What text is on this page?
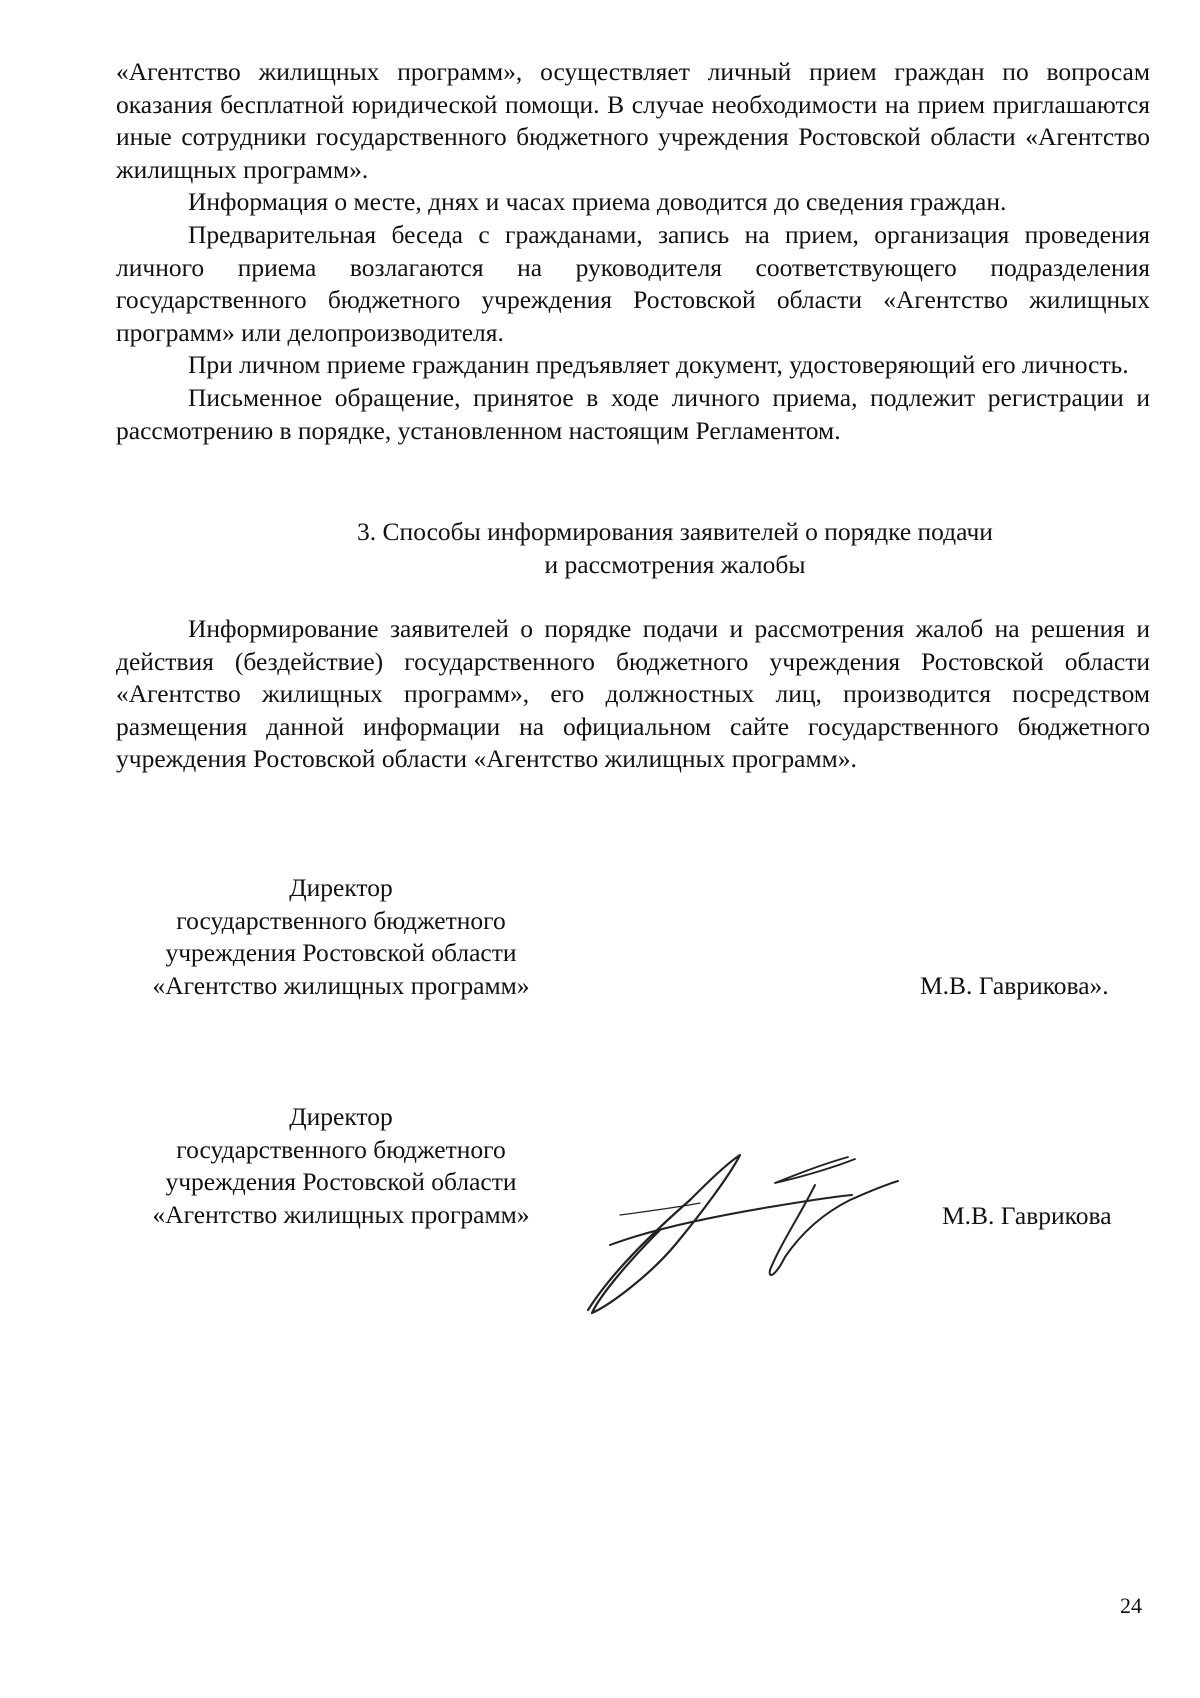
«Агентство жилищных программ», осуществляет личный прием граждан по вопросам оказания бесплатной юридической помощи. В случае необходимости на прием приглашаются иные сотрудники государственного бюджетного учреждения Ростовской области «Агентство жилищных программ».

Информация о месте, днях и часах приема доводится до сведения граждан.

Предварительная беседа с гражданами, запись на прием, организация проведения личного приема возлагаются на руководителя соответствующего подразделения государственного бюджетного учреждения Ростовской области «Агентство жилищных программ» или делопроизводителя.

При личном приеме гражданин предъявляет документ, удостоверяющий его личность.

Письменное обращение, принятое в ходе личного приема, подлежит регистрации и рассмотрению в порядке, установленном настоящим Регламентом.

3. Способы информирования заявителей о порядке подачи
и рассмотрения жалобы

Информирование заявителей о порядке подачи и рассмотрения жалоб на решения и действия (бездействие) государственного бюджетного учреждения Ростовской области «Агентство жилищных программ», его должностных лиц, производится посредством размещения данной информации на официальном сайте государственного бюджетного учреждения Ростовской области «Агентство жилищных программ».

Директор
государственного бюджетного
учреждения Ростовской области
«Агентство жилищных программ»	М.В. Гаврикова».
Директор
государственного бюджетного
учреждения Ростовской области
«Агентство жилищных программ»	М.В. Гаврикова
24
